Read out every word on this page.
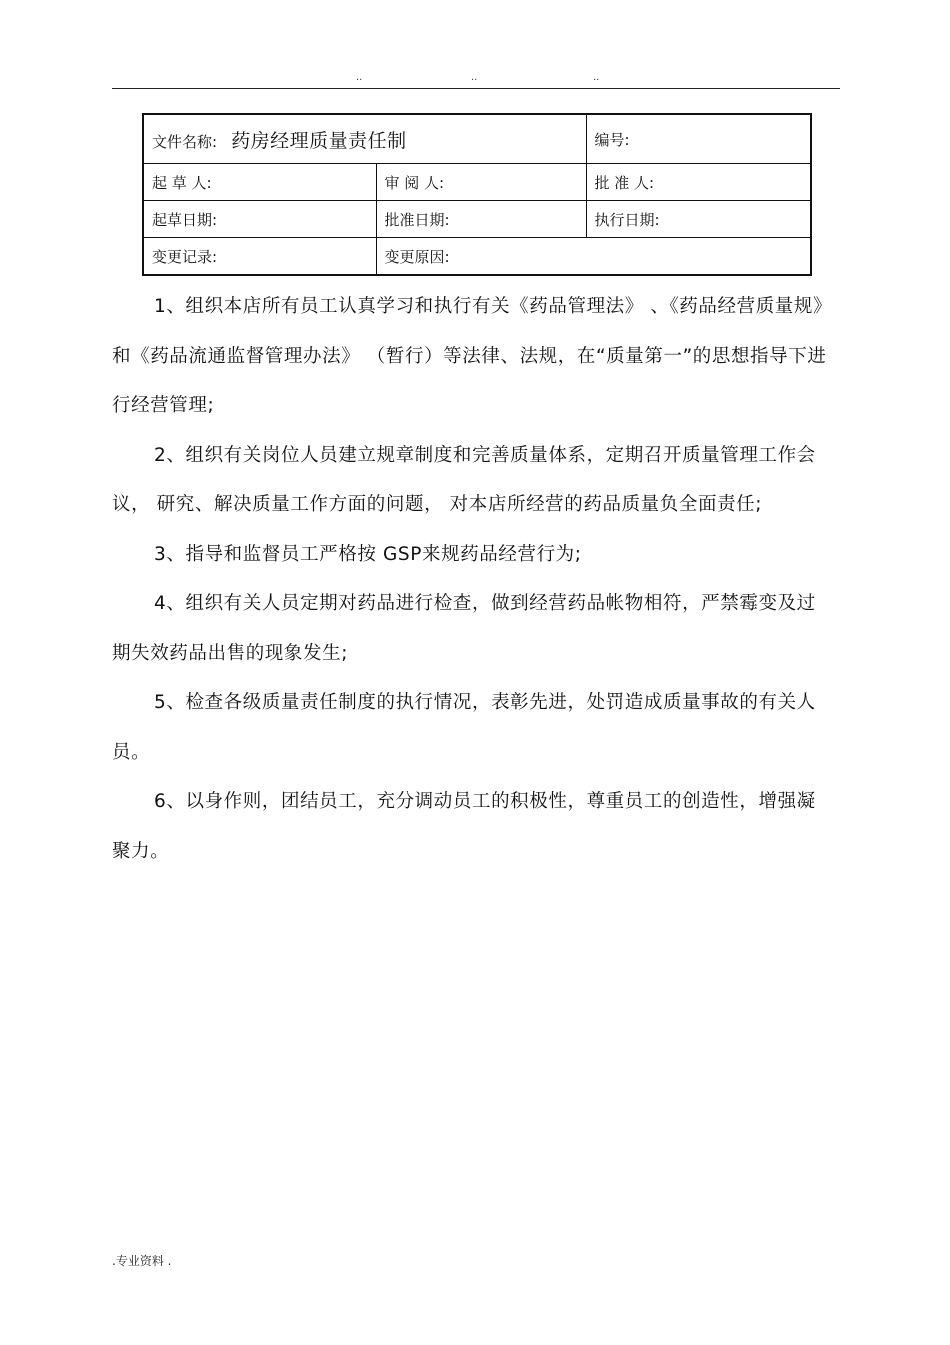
..	..	..
文件名称: 药房经理质量责任制		编号:
起 草 人:	审 阅 人:	批 准 人:
起草日期:	批准日期:	执行日期:
变更记录:	变更原因:	

1、组织本店所有员工认真学习和执行有关《药品管理法》 、《药品经营质量规》和《药品流通监督管理办法》 （暂行）等法律、法规，在“质量第一”的思想指导下进行经营管理;

2、组织有关岗位人员建立规章制度和完善质量体系，定期召开质量管理工作会议， 研究、解决质量工作方面的问题， 对本店所经营的药品质量负全面责任;

3、指导和监督员工严格按 GSP来规药品经营行为;

4、组织有关人员定期对药品进行检查，做到经营药品帐物相符，严禁霉变及过期失效药品出售的现象发生;

5、检查各级质量责任制度的执行情况，表彰先进，处罚造成质量事故的有关人员。

6、以身作则，团结员工，充分调动员工的积极性，尊重员工的创造性，增强凝聚力。

.专业资料 .
